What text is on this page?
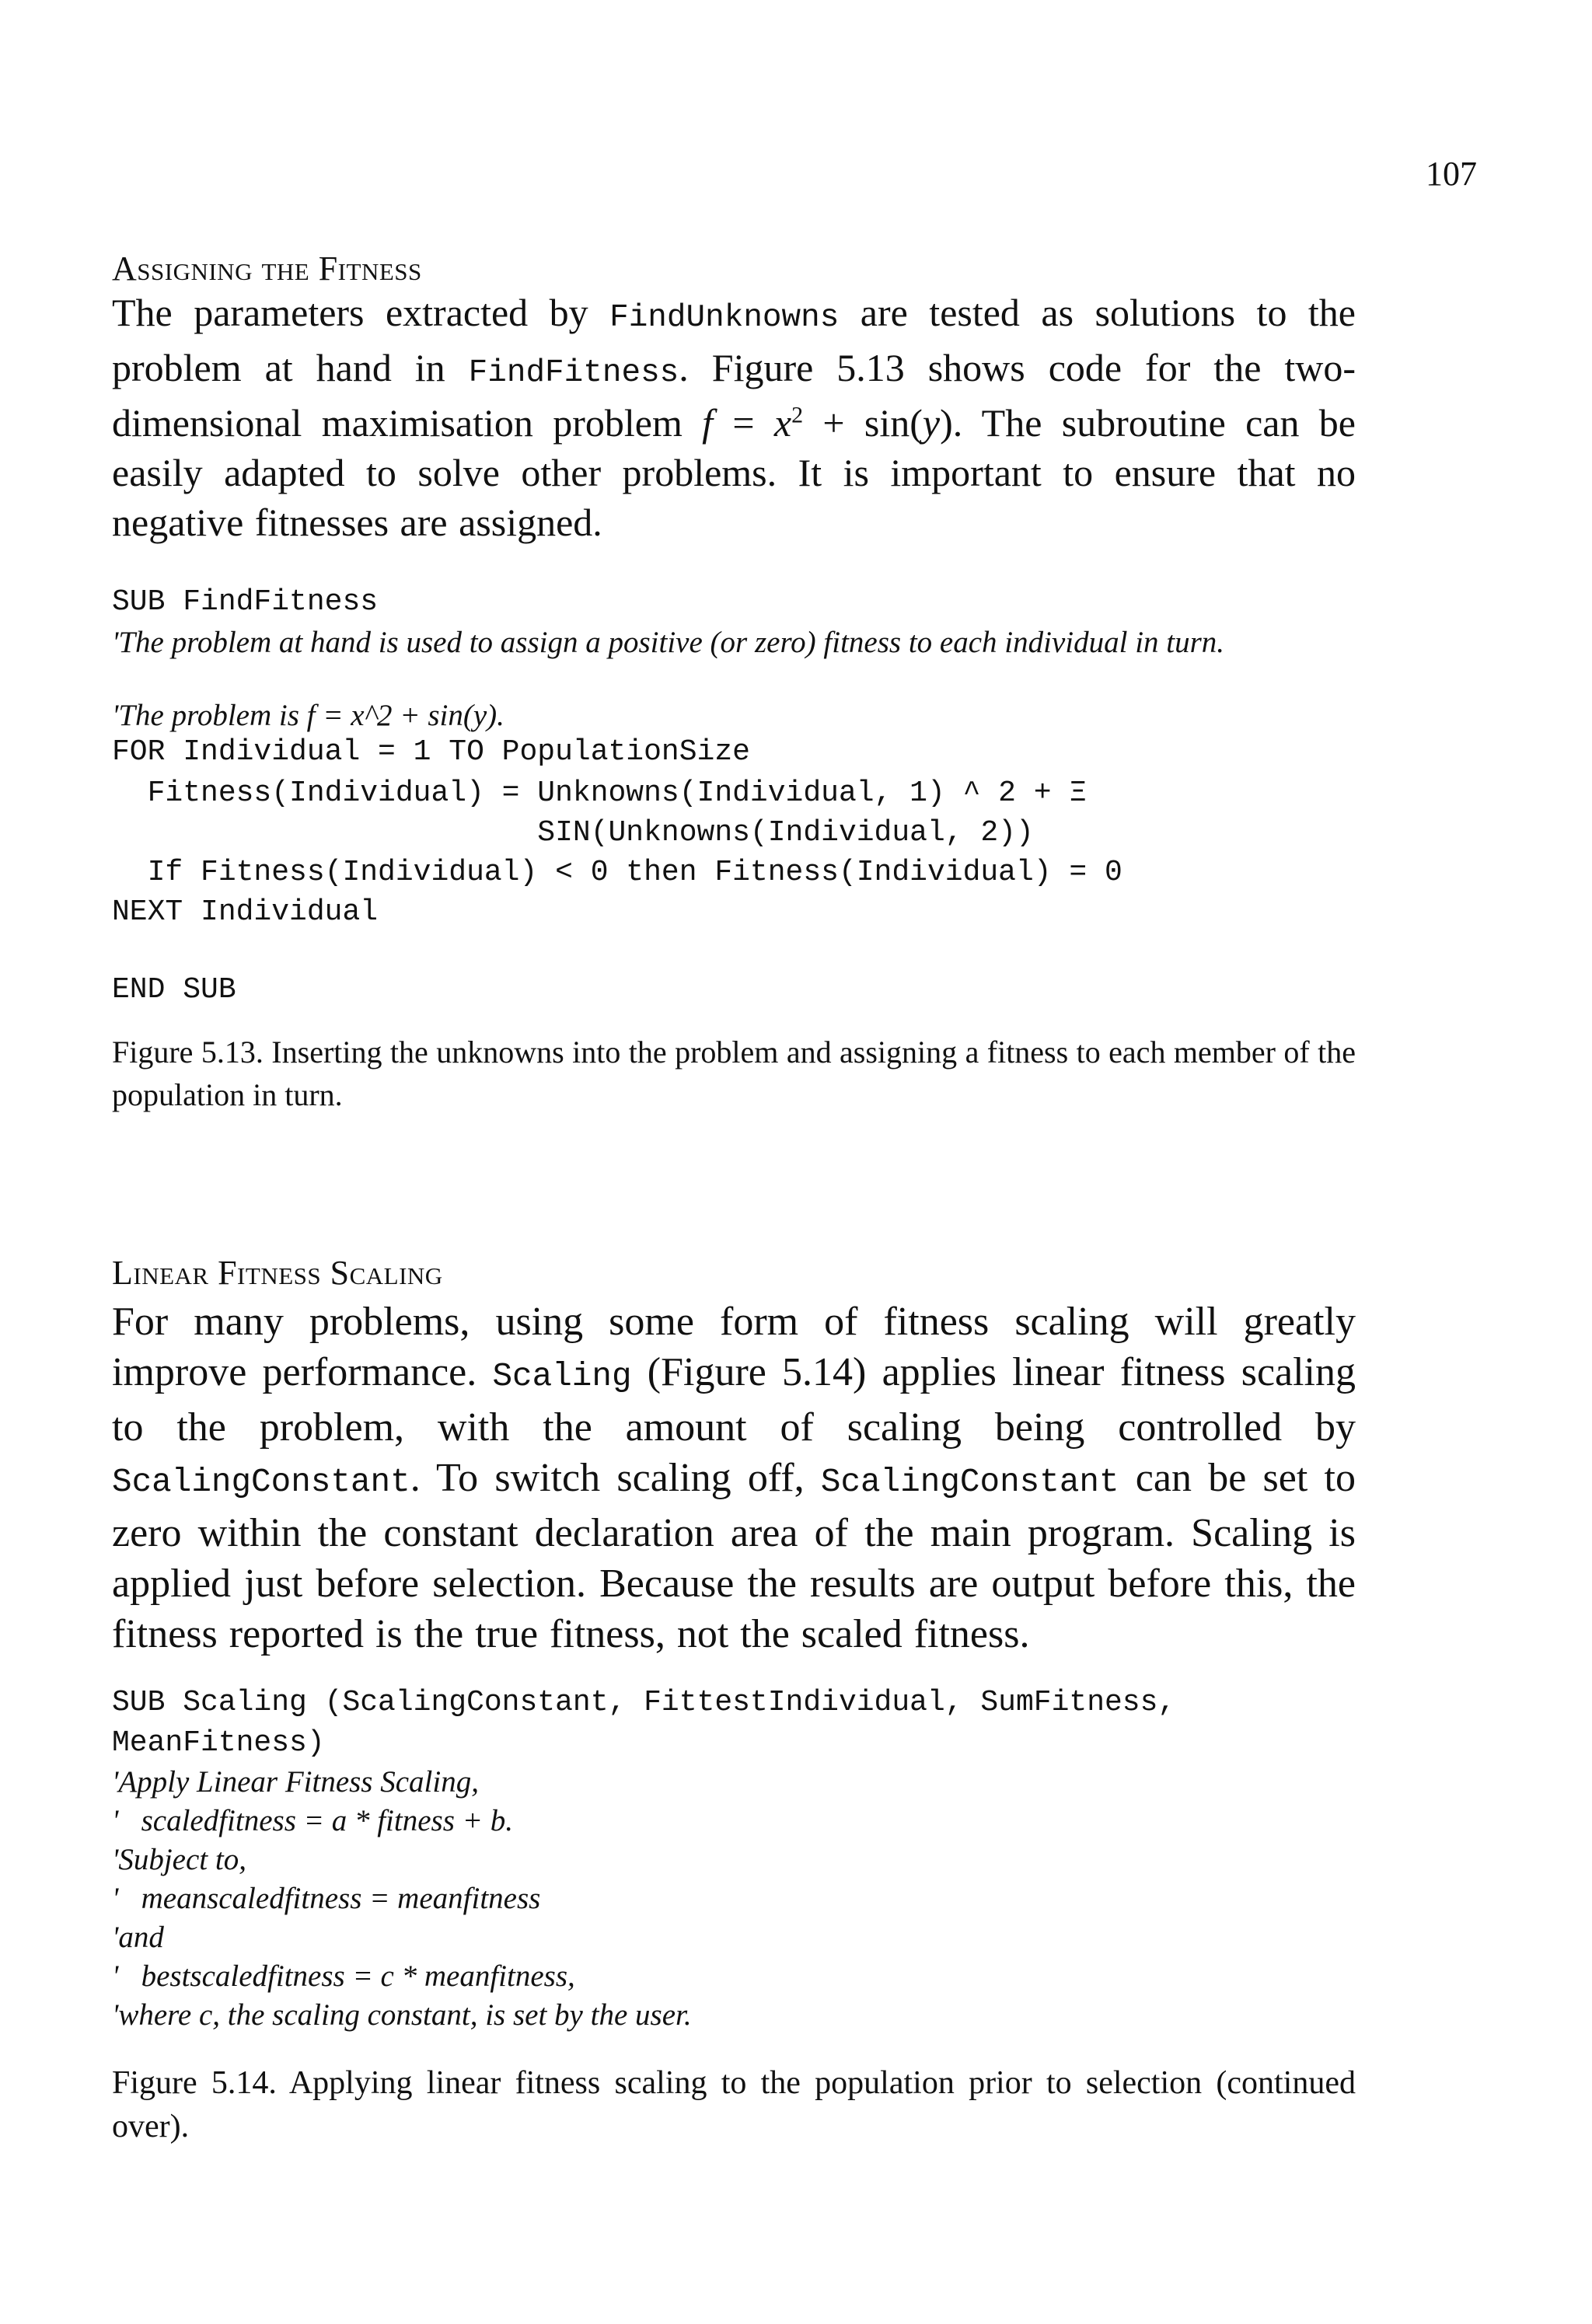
107
Assigning the Fitness
The parameters extracted by FindUnknowns are tested as solutions to the problem at hand in FindFitness. Figure 5.13 shows code for the two-dimensional maximisation problem $f = x^2 + \sin(y)$. The subroutine can be easily adapted to solve other problems. It is important to ensure that no negative fitnesses are assigned.
SUB FindFitness
'The problem at hand is used to assign a positive (or zero) fitness to each individual in turn.
'The problem is f = x^2 + sin(y).
FOR Individual = 1 TO PopulationSize
Fitness(Individual) = Unknowns(Individual, 1) ^ 2 + Ξ
SIN(Unknowns(Individual, 2))
If Fitness(Individual) < 0 then Fitness(Individual) = 0
NEXT Individual
END SUB
Figure 5.13. Inserting the unknowns into the problem and assigning a fitness to each member of the population in turn.
Linear Fitness Scaling
For many problems, using some form of fitness scaling will greatly improve performance. Scaling (Figure 5.14) applies linear fitness scaling to the problem, with the amount of scaling being controlled by ScalingConstant. To switch scaling off, ScalingConstant can be set to zero within the constant declaration area of the main program. Scaling is applied just before selection. Because the results are output before this, the fitness reported is the true fitness, not the scaled fitness.
SUB Scaling (ScalingConstant, FittestIndividual, SumFitness,
MeanFitness)
'Apply Linear Fitness Scaling,
'   scaledfitness = a * fitness + b.
'Subject to,
'   meanscaledfitness = meanfitness
'and
'   bestscaledfitness = c * meanfitness,
'where c, the scaling constant, is set by the user.
Figure 5.14. Applying linear fitness scaling to the population prior to selection (continued over).
